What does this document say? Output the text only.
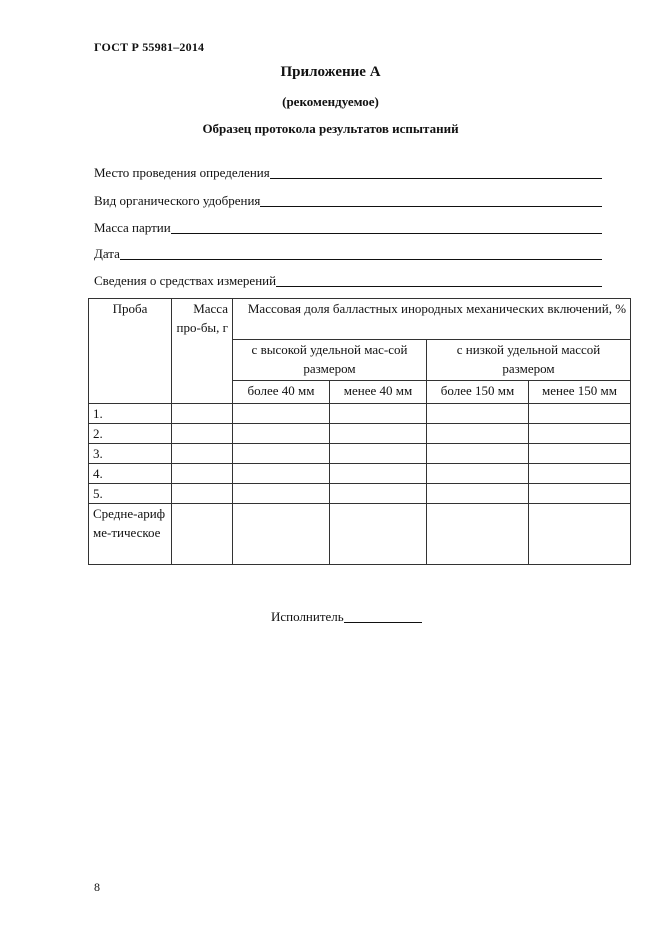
ГОСТ Р 55981–2014
Приложение А
(рекомендуемое)
Образец протокола результатов испытаний
Место проведения определения
Вид органического удобрения
Масса партии
Дата
Сведения о средствах измерений
Проба	Масса про-бы, г	Массовая доля балластных инородных механических включений, %			
		с высокой удельной мас-сой размером		с низкой удельной массой размером	
		более 40 мм	менее 40 мм	более 150 мм	менее 150 мм
1.					
2.					
3.					
4.					
5.					
Средне-ариф ме-тическое					
Исполнитель
8
